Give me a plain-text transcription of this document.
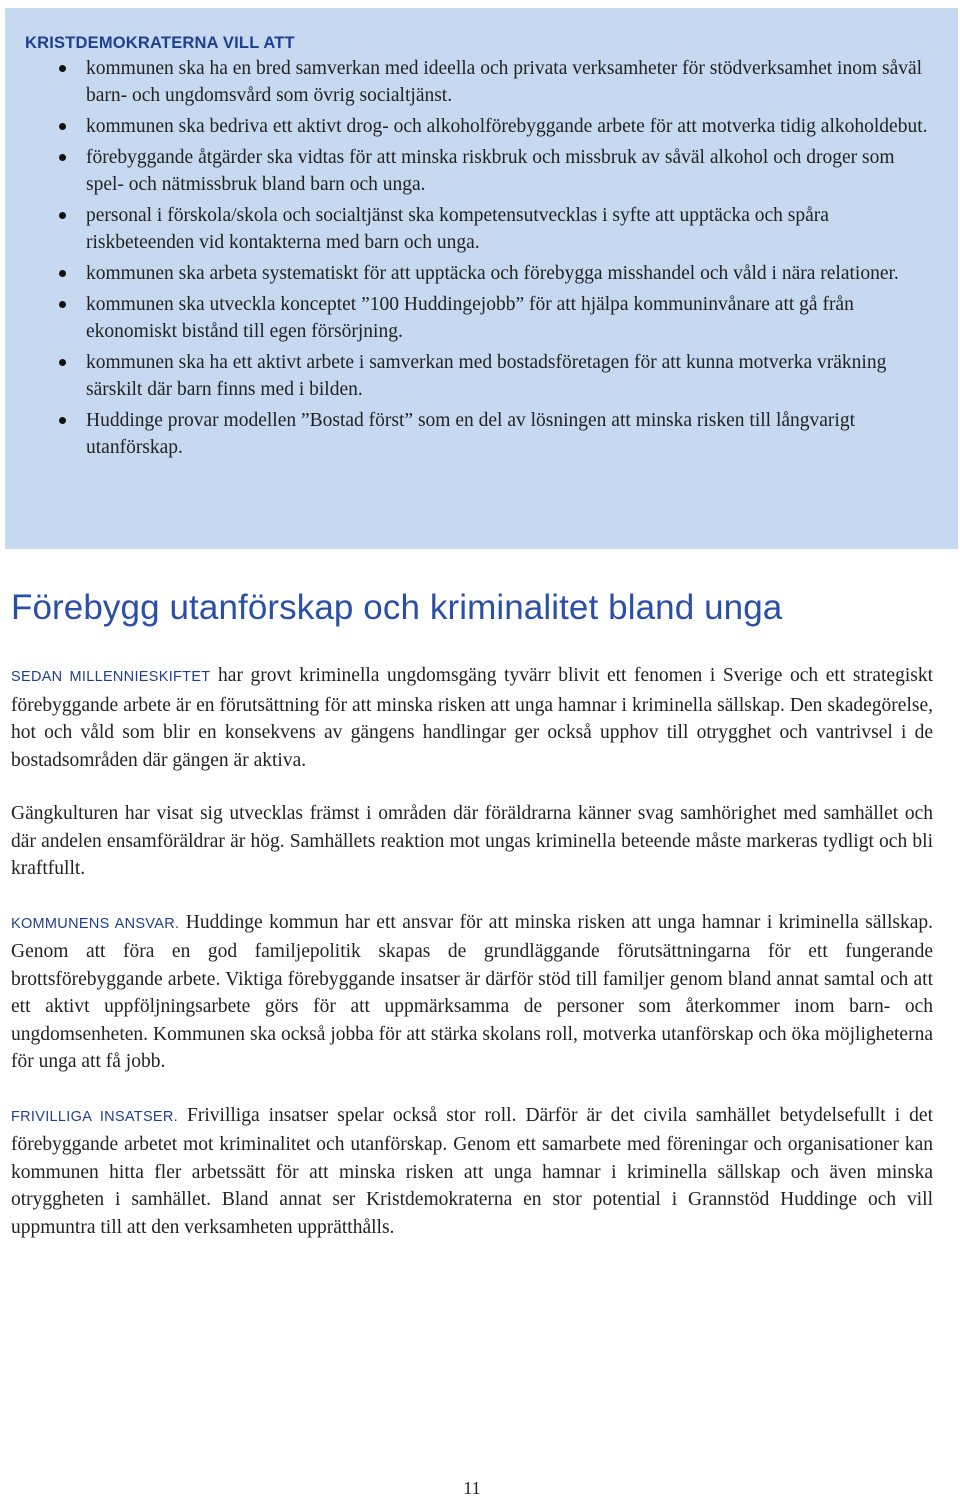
KRISTDEMOKRATERNA VILL ATT
kommunen ska ha en bred samverkan med ideella och privata verksamheter för stödverksamhet inom såväl barn- och ungdomsvård som övrig socialtjänst.
kommunen ska bedriva ett aktivt drog- och alkoholförebyggande arbete för att motverka tidig alkoholdebut.
förebyggande åtgärder ska vidtas för att minska riskbruk och missbruk av såväl alkohol och droger som spel- och nätmissbruk bland barn och unga.
personal i förskola/skola och socialtjänst ska kompetensutvecklas i syfte att upptäcka och spåra riskbeteenden vid kontakterna med barn och unga.
kommunen ska arbeta systematiskt för att upptäcka och förebygga misshandel och våld i nära relationer.
kommunen ska utveckla konceptet ”100 Huddingejobb” för att hjälpa kommuninvånare att gå från ekonomiskt bistånd till egen försörjning.
kommunen ska ha ett aktivt arbete i samverkan med bostadsföretagen för att kunna motverka vräkning särskilt där barn finns med i bilden.
Huddinge provar modellen ”Bostad först” som en del av lösningen att minska risken till långvarigt utanförskap.
Förebygg utanförskap och kriminalitet bland unga

SEDAN MILLENNIESKIFTET har grovt kriminella ungdomsgäng tyvärr blivit ett fenomen i Sverige och ett strategiskt förebyggande arbete är en förutsättning för att minska risken att unga hamnar i kriminella sällskap. Den skadegörelse, hot och våld som blir en konsekvens av gängens handlingar ger också upphov till otrygghet och vantrivsel i de bostadsområden där gängen är aktiva.

Gängkulturen har visat sig utvecklas främst i områden där föräldrarna känner svag samhörighet med samhället och där andelen ensamföräldrar är hög. Samhällets reaktion mot ungas kriminella beteende måste markeras tydligt och bli kraftfullt.

KOMMUNENS ANSVAR. Huddinge kommun har ett ansvar för att minska risken att unga hamnar i kriminella sällskap. Genom att föra en god familjepolitik skapas de grundläggande förutsättningarna för ett fungerande brottsförebyggande arbete. Viktiga förebyggande insatser är därför stöd till familjer genom bland annat samtal och att ett aktivt uppföljningsarbete görs för att uppmärksamma de personer som återkommer inom barn- och ungdomsenheten. Kommunen ska också jobba för att stärka skolans roll, motverka utanförskap och öka möjligheterna för unga att få jobb.

FRIVILLIGA INSATSER. Frivilliga insatser spelar också stor roll. Därför är det civila samhället betydelsefullt i det förebyggande arbetet mot kriminalitet och utanförskap. Genom ett samarbete med föreningar och organisationer kan kommunen hitta fler arbetssätt för att minska risken att unga hamnar i kriminella sällskap och även minska otryggheten i samhället. Bland annat ser Kristdemokraterna en stor potential i Grannstöd Huddinge och vill uppmuntra till att den verksamheten upprätthålls.

11
